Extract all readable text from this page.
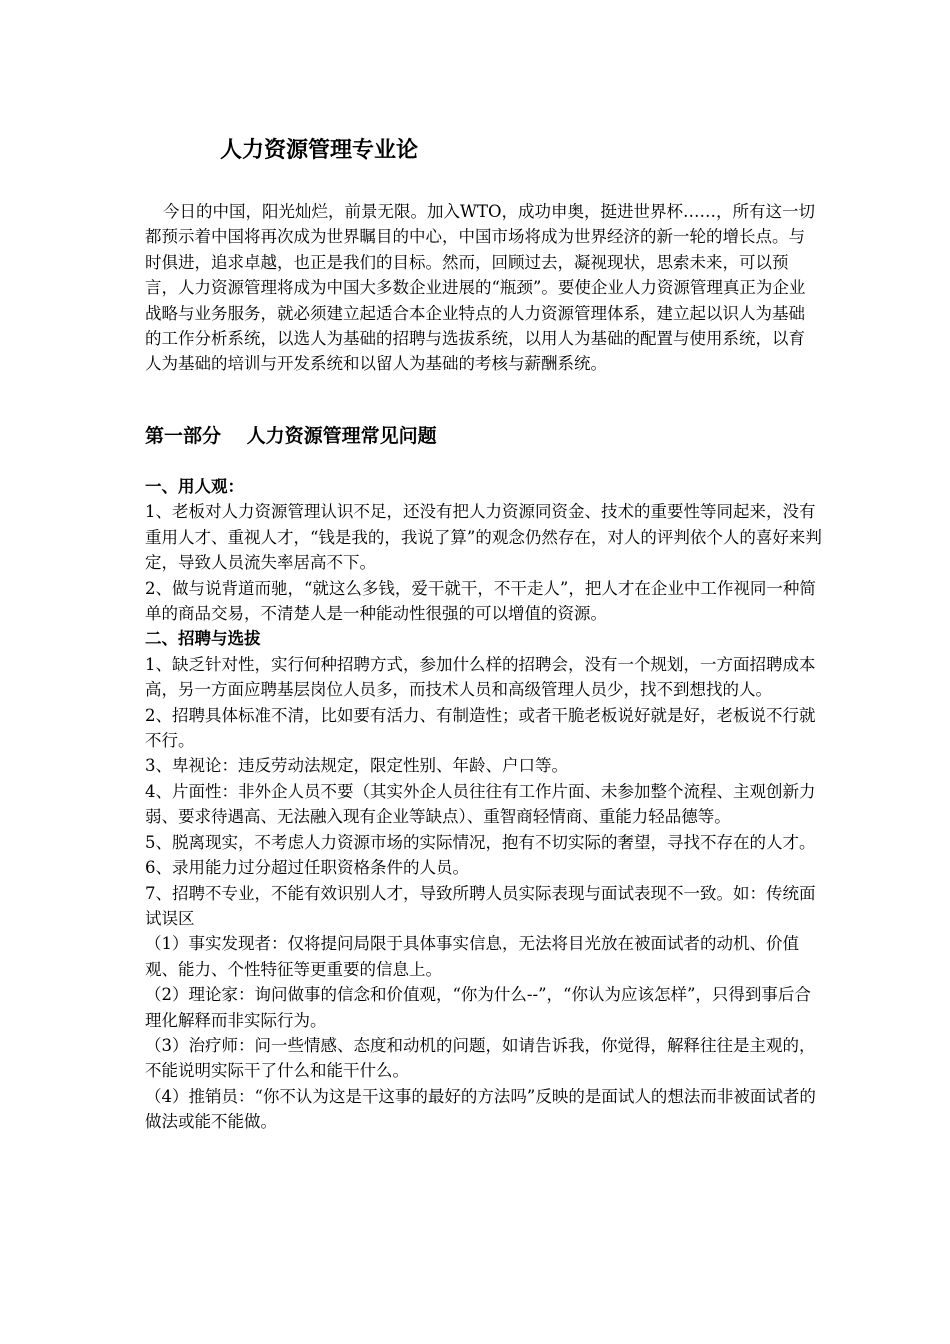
人力资源管理专业论

今日的中国，阳光灿烂，前景无限。加入WTO，成功申奥，挺进世界杯……，所有这一切都预示着中国将再次成为世界瞩目的中心，中国市场将成为世界经济的新一轮的增长点。与时俱进，追求卓越，也正是我们的目标。然而，回顾过去，凝视现状，思索未来，可以预言，人力资源管理将成为中国大多数企业进展的“瓶颈”。要使企业人力资源管理真正为企业战略与业务服务，就必须建立起适合本企业特点的人力资源管理体系，建立起以识人为基础的工作分析系统，以选人为基础的招聘与选拔系统，以用人为基础的配置与使用系统，以育人为基础的培训与开发系统和以留人为基础的考核与薪酬系统。

第一部分　 人力资源管理常见问题

一、用人观：

1、老板对人力资源管理认识不足，还没有把人力资源同资金、技术的重要性等同起来，没有重用人才、重视人才，“钱是我的，我说了算”的观念仍然存在，对人的评判依个人的喜好来判定，导致人员流失率居高不下。

2、做与说背道而驰，“就这么多钱，爱干就干，不干走人”，把人才在企业中工作视同一种简单的商品交易，不清楚人是一种能动性很强的可以增值的资源。

二、招聘与选拔

1、缺乏针对性，实行何种招聘方式，参加什么样的招聘会，没有一个规划，一方面招聘成本高，另一方面应聘基层岗位人员多，而技术人员和高级管理人员少，找不到想找的人。

2、招聘具体标准不清，比如要有活力、有制造性；或者干脆老板说好就是好，老板说不行就不行。

3、卑视论：违反劳动法规定，限定性别、年龄、户口等。

4、片面性：非外企人员不要（其实外企人员往往有工作片面、未参加整个流程、主观创新力弱、要求待遇高、无法融入现有企业等缺点）、重智商轻情商、重能力轻品德等。

5、脱离现实，不考虑人力资源市场的实际情况，抱有不切实际的奢望，寻找不存在的人才。

6、录用能力过分超过任职资格条件的人员。

7、招聘不专业，不能有效识别人才，导致所聘人员实际表现与面试表现不一致。如：传统面试误区

（1）事实发现者：仅将提问局限于具体事实信息，无法将目光放在被面试者的动机、价值观、能力、个性特征等更重要的信息上。

（2）理论家：询问做事的信念和价值观，“你为什么--”，“你认为应该怎样”，只得到事后合理化解释而非实际行为。

（3）治疗师：问一些情感、态度和动机的问题，如请告诉我，你觉得，解释往往是主观的，不能说明实际干了什么和能干什么。

（4）推销员：“你不认为这是干这事的最好的方法吗”反映的是面试人的想法而非被面试者的做法或能不能做。
